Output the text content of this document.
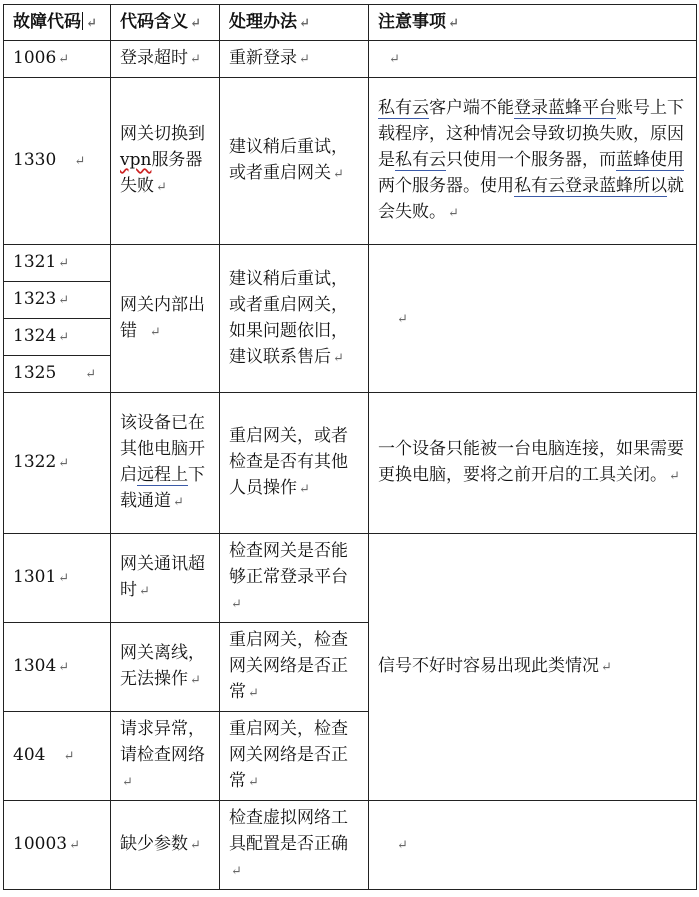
故障代码 ↵	代码含义 ↵	处理办法 ↵	注意事项 ↵
1006 ↵	登录超时 ↵	重新登录 ↵	↵
1330 ↵	网关切换到vpn服务器失败 ↵	建议稍后重试，或者重启网关 ↵	私有云客户端不能登录蓝蜂平台账号上下载程序，这种情况会导致切换失败，原因是私有云只使用一个服务器，而蓝蜂使用两个服务器。使用私有云登录蓝蜂所以就会失败。 ↵
1321 ↵	网关内部出错 ↵	建议稍后重试，或者重启网关，如果问题依旧，建议联系售后 ↵	↵
1323 ↵			
1324 ↵			
1325 ↵			
1322 ↵	该设备已在其他电脑开启远程上下载通道 ↵	重启网关，或者检查是否有其他人员操作 ↵	一个设备只能被一台电脑连接，如果需要更换电脑，要将之前开启的工具关闭。 ↵
1301 ↵	网关通讯超时 ↵	检查网关是否能够正常登录平台↵	信号不好时容易出现此类情况 ↵
1304 ↵	网关离线，无法操作 ↵	重启网关，检查网关网络是否正常 ↵	
404 ↵	请求异常，请检查网络↵	重启网关，检查网关网络是否正常 ↵	
10003 ↵	缺少参数 ↵	检查虚拟网络工具配置是否正确↵	↵
